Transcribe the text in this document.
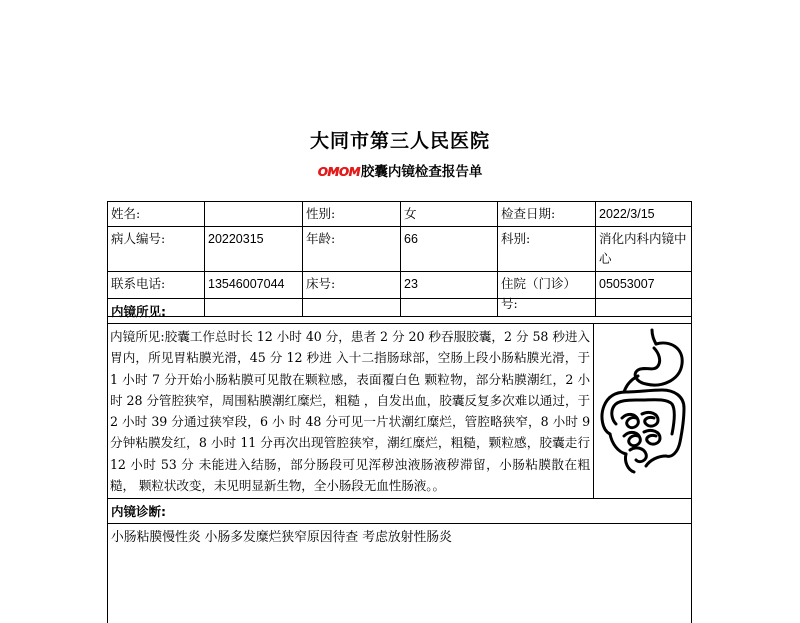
大同市第三人民医院
OMOM胶囊内镜检查报告单
姓名:		性别:	女	检查日期:	2022/3/15
病人编号:	20220315	年龄:	66	科别:	消化内科内镜中心
联系电话:	13546007044	床号:	23	住院（门诊）号:	05053007
内镜所见:
内镜所见:胶囊工作总时长 12 小时 40 分，患者 2 分 20 秒吞服胶囊，2 分 58 秒进入胃内，所见胃粘膜光滑，45 分 12 秒进 入十二指肠球部，空肠上段小肠粘膜光滑，于 1 小时 7 分开始小肠粘膜可见散在颗粒感，表面覆白色 颗粒物，部分粘膜潮红，2 小时 28 分管腔狭窄，周围粘膜潮红糜烂，粗糙 ，自发出血，胶囊反复多次难以通过，于 2 小时 39 分通过狭窄段，6 小 时 48 分可见一片状潮红糜烂，管腔略狭窄，8 小时 9 分钟粘膜发红，8 小时 11 分再次出现管腔狭窄，潮红糜烂，粗糙，颗粒感，胶囊走行 12 小时 53 分 未能进入结肠，部分肠段可见浑秽浊液肠液秽滞留，小肠粘膜散在粗糙， 颗粒状改变，未见明显新生物，全小肠段无血性肠液。。	

内镜诊断:
小肠粘膜慢性炎 小肠多发糜烂狭窄原因待查 考虑放射性肠炎
